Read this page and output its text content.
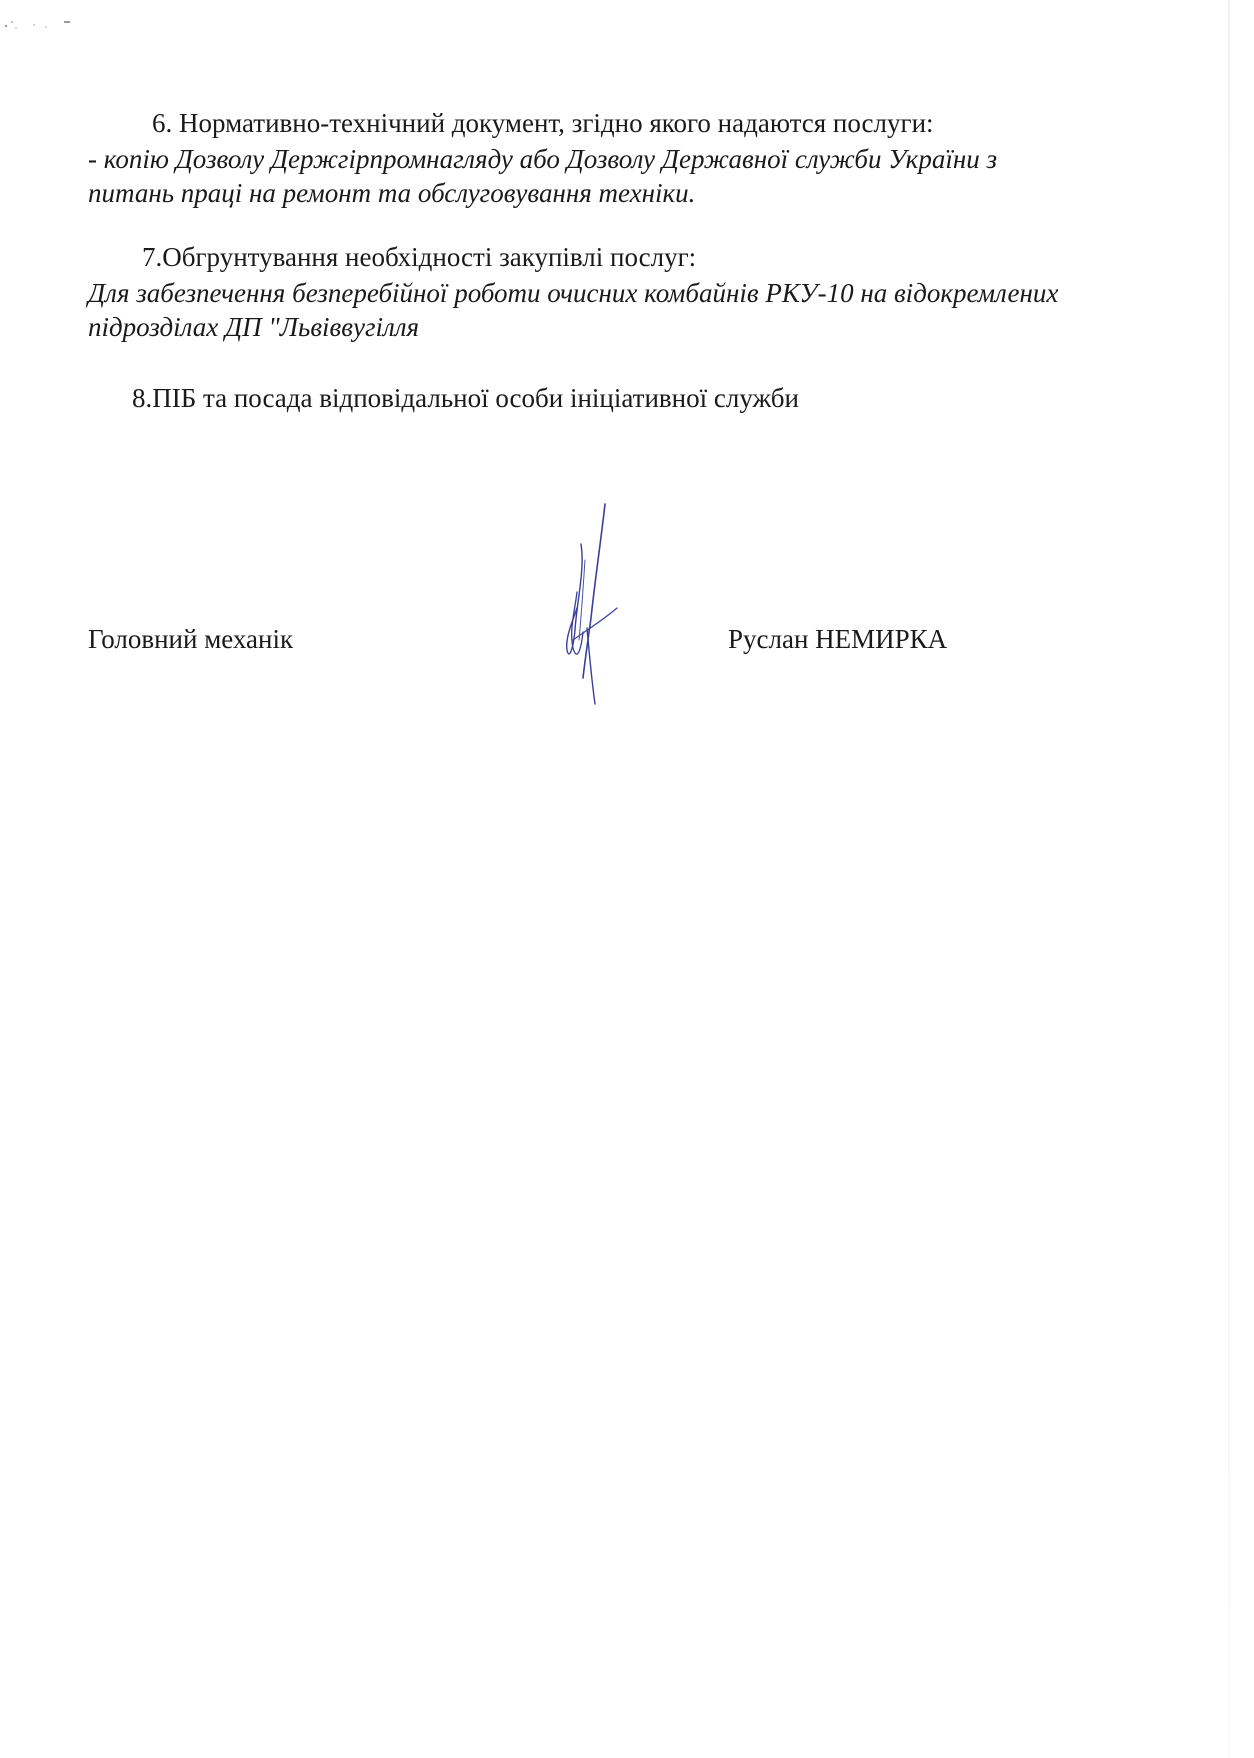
6. Нормативно-технічний документ, згідно якого надаются послуги:
- копію Дозволу Держгірпромнагляду або Дозволу Державної служби України з
питань праці на ремонт та обслуговування техніки.
7.Обгрунтування необхідності закупівлі послуг:
Для забезпечення безперебійної роботи очисних комбайнів РКУ-10 на відокремлених
підрозділах ДП "Львіввугілля
8.ПІБ та посада відповідальної особи ініціативної служби
Головний механік	Руслан НЕМИРКА
